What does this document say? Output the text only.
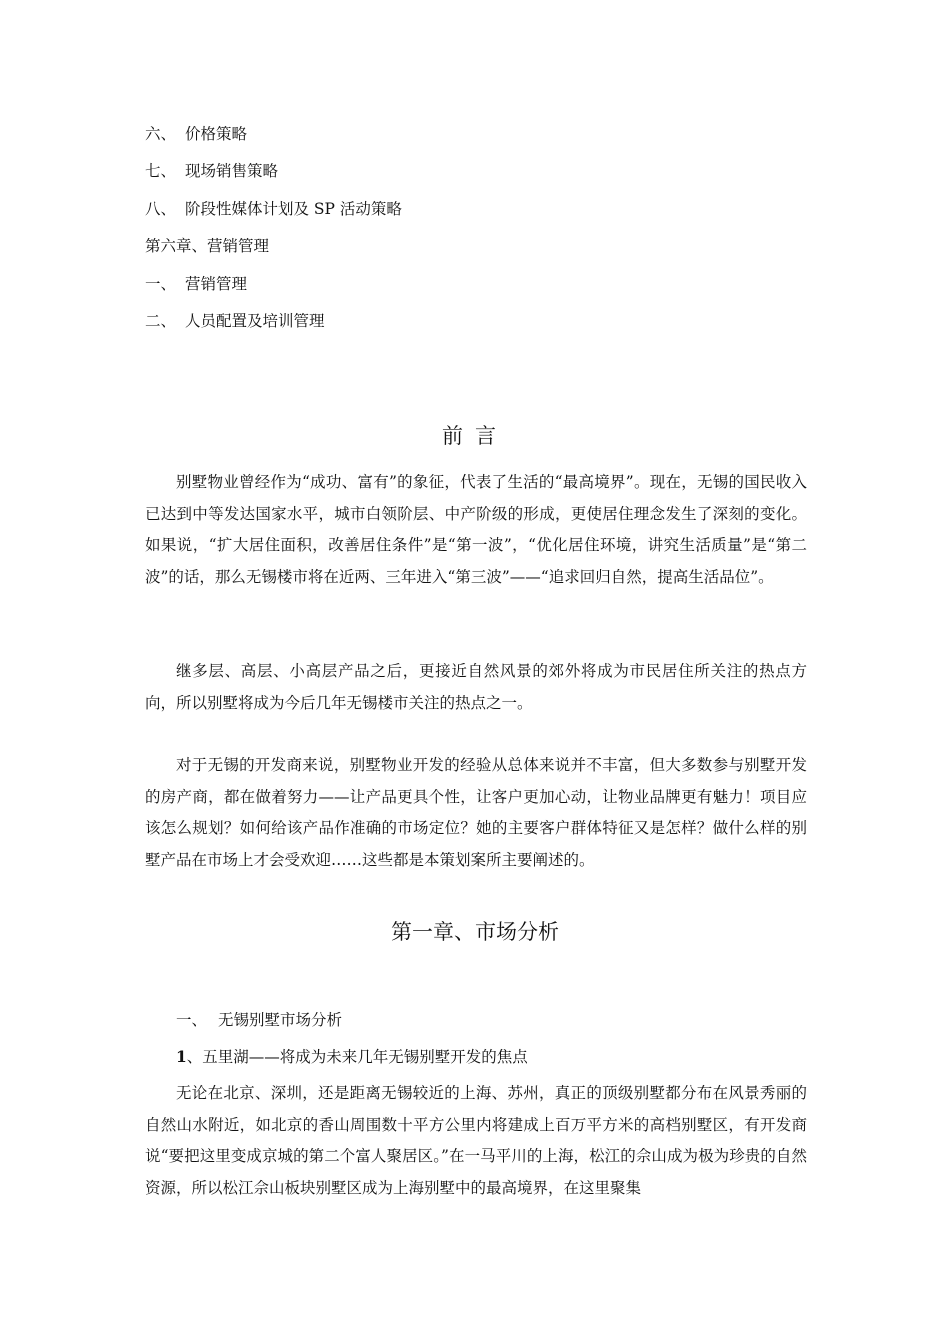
六、 价格策略
七、 现场销售策略
八、 阶段性媒体计划及 SP 活动策略
第六章、营销管理
一、 营销管理
二、 人员配置及培训管理
前言

别墅物业曾经作为“成功、富有”的象征，代表了生活的“最高境界”。现在，无锡的国民收入已达到中等发达国家水平，城市白领阶层、中产阶级的形成，更使居住理念发生了深刻的变化。如果说，“扩大居住面积，改善居住条件”是“第一波”，“优化居住环境，讲究生活质量”是“第二波”的话，那么无锡楼市将在近两、三年进入“第三波”——“追求回归自然，提高生活品位”。

继多层、高层、小高层产品之后，更接近自然风景的郊外将成为市民居住所关注的热点方向，所以别墅将成为今后几年无锡楼市关注的热点之一。

对于无锡的开发商来说，别墅物业开发的经验从总体来说并不丰富，但大多数参与别墅开发的房产商，都在做着努力——让产品更具个性，让客户更加心动，让物业品牌更有魅力！项目应该怎么规划？如何给该产品作准确的市场定位？她的主要客户群体特征又是怎样？做什么样的别墅产品在市场上才会受欢迎……这些都是本策划案所主要阐述的。

第一章、市场分析
一、 无锡别墅市场分析
1、五里湖——将成为未来几年无锡别墅开发的焦点

无论在北京、深圳，还是距离无锡较近的上海、苏州，真正的顶级别墅都分布在风景秀丽的自然山水附近，如北京的香山周围数十平方公里内将建成上百万平方米的高档别墅区，有开发商说“要把这里变成京城的第二个富人聚居区。”在一马平川的上海，松江的佘山成为极为珍贵的自然资源，所以松江佘山板块别墅区成为上海别墅中的最高境界，在这里聚集
